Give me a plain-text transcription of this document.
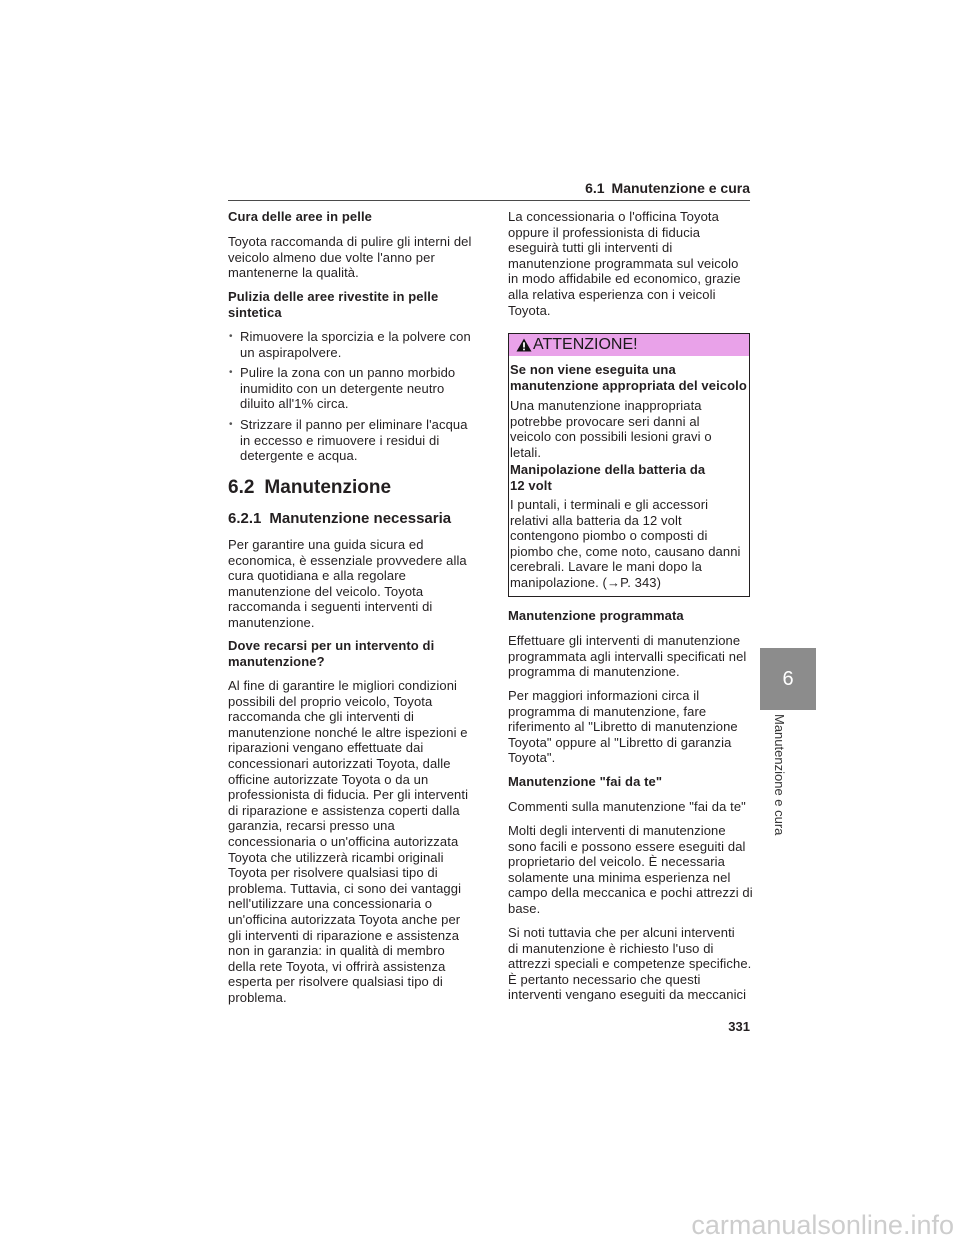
6.1 Manutenzione e cura
Cura delle aree in pelle
Toyota raccomanda di pulire gli interni del
veicolo almeno due volte l'anno per
mantenerne la qualità.
Pulizia delle aree rivestite in pelle
sintetica
• Rimuovere la sporcizia e la polvere con
un aspirapolvere.
• Pulire la zona con un panno morbido
inumidito con un detergente neutro
diluito all'1% circa.
• Strizzare il panno per eliminare l'acqua
in eccesso e rimuovere i residui di
detergente e acqua.
6.2 Manutenzione
6.2.1 Manutenzione necessaria
Per garantire una guida sicura ed
economica, è essenziale provvedere alla
cura quotidiana e alla regolare
manutenzione del veicolo. Toyota
raccomanda i seguenti interventi di
manutenzione.
Dove recarsi per un intervento di
manutenzione?
Al fine di garantire le migliori condizioni
possibili del proprio veicolo, Toyota
raccomanda che gli interventi di
manutenzione nonché le altre ispezioni e
riparazioni vengano effettuate dai
concessionari autorizzati Toyota, dalle
officine autorizzate Toyota o da un
professionista di fiducia. Per gli interventi
di riparazione e assistenza coperti dalla
garanzia, recarsi presso una
concessionaria o un'officina autorizzata
Toyota che utilizzerà ricambi originali
Toyota per risolvere qualsiasi tipo di
problema. Tuttavia, ci sono dei vantaggi
nell'utilizzare una concessionaria o
un'officina autorizzata Toyota anche per
gli interventi di riparazione e assistenza
non in garanzia: in qualità di membro
della rete Toyota, vi offrirà assistenza
esperta per risolvere qualsiasi tipo di
problema.
La concessionaria o l'officina Toyota
oppure il professionista di fiducia
eseguirà tutti gli interventi di
manutenzione programmata sul veicolo
in modo affidabile ed economico, grazie
alla relativa esperienza con i veicoli
Toyota.
ATTENZIONE!
Se non viene eseguita una
manutenzione appropriata del veicolo
Una manutenzione inappropriata
potrebbe provocare seri danni al
veicolo con possibili lesioni gravi o
letali.
Manipolazione della batteria da
12 volt
I puntali, i terminali e gli accessori
relativi alla batteria da 12 volt
contengono piombo o composti di
piombo che, come noto, causano danni
cerebrali. Lavare le mani dopo la
manipolazione. (→P. 343)
Manutenzione programmata
Effettuare gli interventi di manutenzione
programmata agli intervalli specificati nel
programma di manutenzione.
Per maggiori informazioni circa il
programma di manutenzione, fare
riferimento al "Libretto di manutenzione
Toyota" oppure al "Libretto di garanzia
Toyota".
Manutenzione "fai da te"
Commenti sulla manutenzione "fai da te"
Molti degli interventi di manutenzione
sono facili e possono essere eseguiti dal
proprietario del veicolo. È necessaria
solamente una minima esperienza nel
campo della meccanica e pochi attrezzi di
base.
Si noti tuttavia che per alcuni interventi
di manutenzione è richiesto l'uso di
attrezzi speciali e competenze specifiche.
È pertanto necessario che questi
interventi vengano eseguiti da meccanici
6
Manutenzione e cura
331
carmanualsonline.info
